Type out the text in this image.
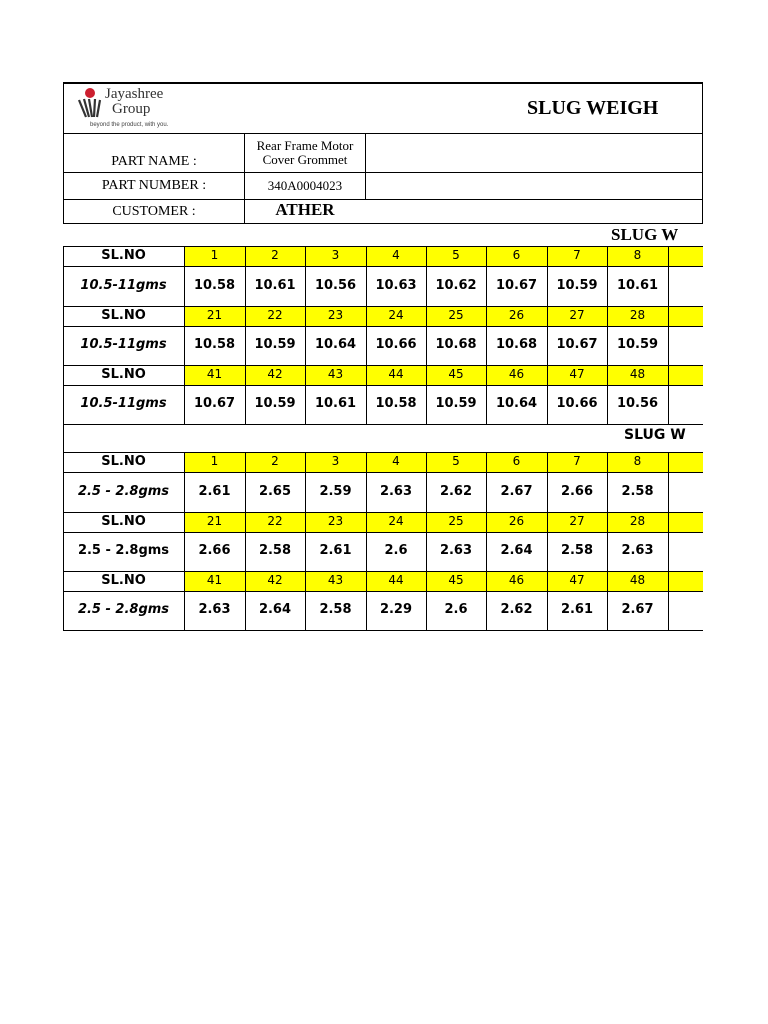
Jayashree
Group
beyond the product, with you.
SLUG WEIGH
PART NAME :
Rear Frame Motor
Cover Grommet
PART NUMBER :	340A0004023
CUSTOMER :	ATHER
SLUG W
SL.NO	1	2	3	4	5	6	7	8
10.5-11gms	10.58	10.61	10.56	10.63	10.62	10.67	10.59	10.61
SL.NO	21	22	23	24	25	26	27	28
10.5-11gms	10.58	10.59	10.64	10.66	10.68	10.68	10.67	10.59
SL.NO	41	42	43	44	45	46	47	48
10.5-11gms	10.67	10.59	10.61	10.58	10.59	10.64	10.66	10.56
SLUG W
SL.NO	1	2	3	4	5	6	7	8
2.5 - 2.8gms	2.61	2.65	2.59	2.63	2.62	2.67	2.66	2.58
SL.NO	21	22	23	24	25	26	27	28
2.5 - 2.8gms	2.66	2.58	2.61	2.6	2.63	2.64	2.58	2.63
SL.NO	41	42	43	44	45	46	47	48
2.5 - 2.8gms	2.63	2.64	2.58	2.29	2.6	2.62	2.61	2.67
